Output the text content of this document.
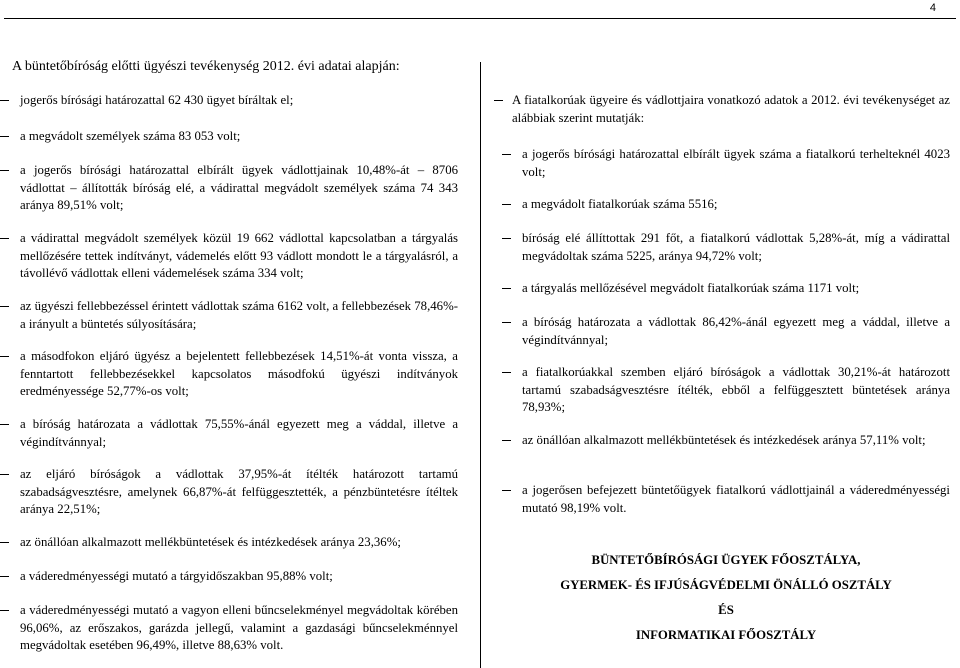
4
A büntetőbíróság előtti ügyészi tevékenység 2012. évi adatai alapján:
jogerős bírósági határozattal 62 430 ügyet bíráltak el;
a megvádolt személyek száma 83 053 volt;
a jogerős bírósági határozattal elbírált ügyek vádlottjainak 10,48%-át – 8706 vádlottat – állították bíróság elé, a vádirattal megvádolt személyek száma 74 343 aránya 89,51% volt;
a vádirattal megvádolt személyek közül 19 662 vádlottal kapcsolatban a tárgyalás mellőzésére tettek indítványt, vádemelés előtt 93 vádlott mondott le a tárgyalásról, a távollévő vádlottak elleni vádemelések száma 334 volt;
az ügyészi fellebbezéssel érintett vádlottak száma 6162 volt, a fellebbezések 78,46%-a irányult a büntetés súlyosítására;
a másodfokon eljáró ügyész a bejelentett fellebbezések 14,51%-át vonta vissza, a fenntartott fellebbezésekkel kapcsolatos másodfokú ügyészi indítványok eredményessége 52,77%-os volt;
a bíróság határozata a vádlottak 75,55%-ánál egyezett meg a váddal, illetve a végindítvánnyal;
az eljáró bíróságok a vádlottak 37,95%-át ítélték határozott tartamú szabadságvesztésre, amelynek 66,87%-át felfüggesztették, a pénzbüntetésre ítéltek aránya 22,51%;
az önállóan alkalmazott mellékbüntetések és intézkedések aránya 23,36%;
a váderedményességi mutató a tárgyidőszakban 95,88% volt;
a váderedményességi mutató a vagyon elleni bűncselekményel megvádoltak körében 96,06%, az erőszakos, garázda jellegű, valamint a gazdasági bűncselekménnyel megvádoltak esetében 96,49%, illetve 88,63% volt.
A fiatalkorúak ügyeire és vádlottjaira vonatkozó adatok a 2012. évi tevékenységet az alábbiak szerint mutatják:
a jogerős bírósági határozattal elbírált ügyek száma a fiatalkorú terhelteknél 4023 volt;
a megvádolt fiatalkorúak száma 5516;
bíróság elé állíttottak 291 főt, a fiatalkorú vádlottak 5,28%-át, míg a vádirattal megvádoltak száma 5225, aránya 94,72% volt;
a tárgyalás mellőzésével megvádolt fiatalkorúak száma 1171 volt;
a bíróság határozata a vádlottak 86,42%-ánál egyezett meg a váddal, illetve a végindítvánnyal;
a fiatalkorúakkal szemben eljáró bíróságok a vádlottak 30,21%-át határozott tartamú szabadságvesztésre ítélték, ebből a felfüggesztett büntetések aránya 78,93%;
az önállóan alkalmazott mellékbüntetések és intézkedések aránya 57,11% volt;
a jogerősen befejezett büntetőügyek fiatalkorú vádlottjainál a váderedményességi mutató 98,19% volt.
BÜNTETŐBÍRÓSÁGI ÜGYEK FŐOSZTÁLYA,
GYERMEK- ÉS IFJÚSÁGVÉDELMI ÖNÁLLÓ OSZTÁLY
ÉS
INFORMATIKAI FŐOSZTÁLY
